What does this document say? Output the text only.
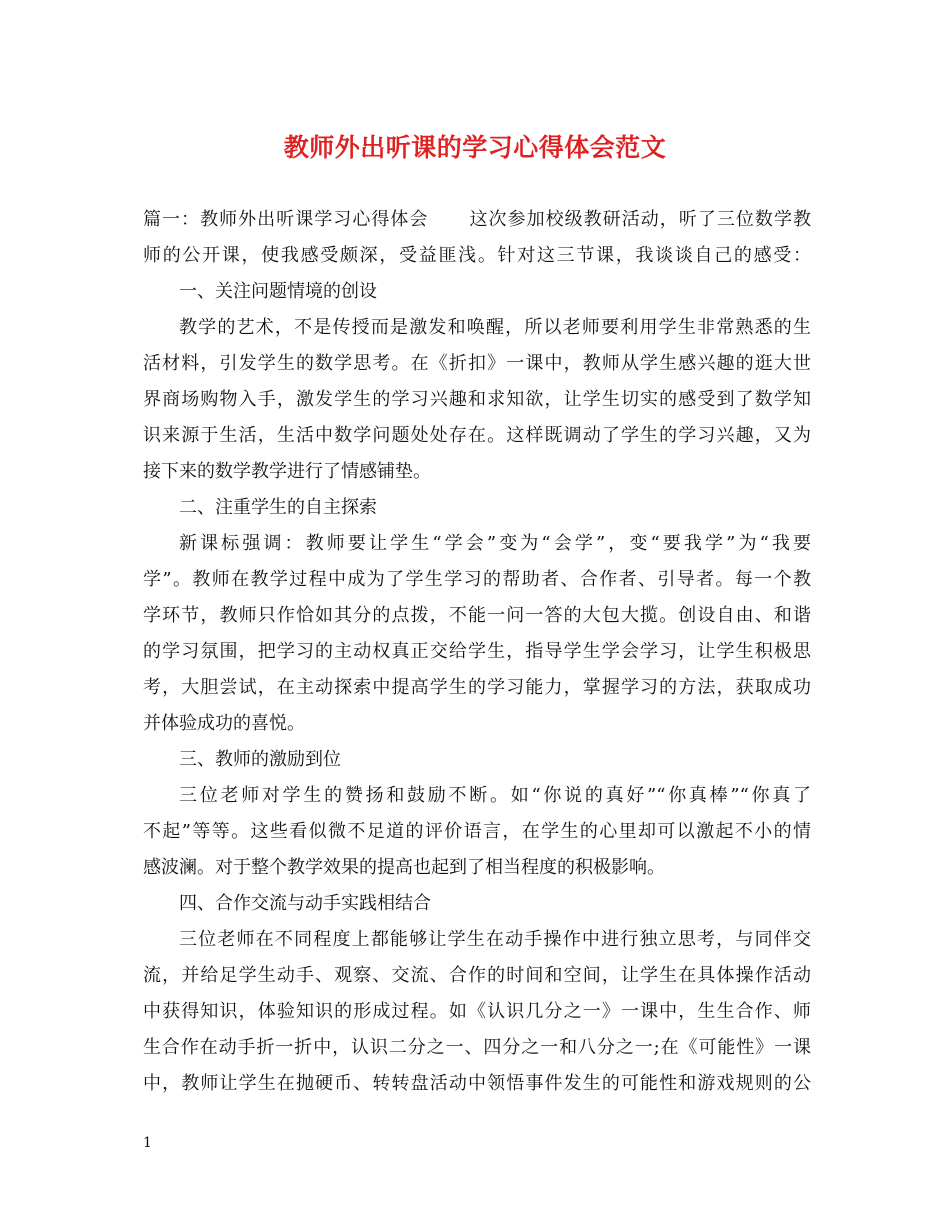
教师外出听课的学习心得体会范文
篇一：教师外出听课学习心得体会 这次参加校级教研活动，听了三位数学教
师的公开课，使我感受颇深，受益匪浅。针对这三节课，我谈谈自己的感受：
一、关注问题情境的创设
教学的艺术，不是传授而是激发和唤醒，所以老师要利用学生非常熟悉的生
活材料，引发学生的数学思考。在《折扣》一课中，教师从学生感兴趣的逛大世
界商场购物入手，激发学生的学习兴趣和求知欲，让学生切实的感受到了数学知
识来源于生活，生活中数学问题处处存在。这样既调动了学生的学习兴趣，又为
接下来的数学教学进行了情感铺垫。
二、注重学生的自主探索
新课标强调：教师要让学生“学会”变为“会学”，变“要我学”为“我要
学”。教师在教学过程中成为了学生学习的帮助者、合作者、引导者。每一个教
学环节，教师只作恰如其分的点拨，不能一问一答的大包大揽。创设自由、和谐
的学习氛围，把学习的主动权真正交给学生，指导学生学会学习，让学生积极思
考，大胆尝试，在主动探索中提高学生的学习能力，掌握学习的方法，获取成功
并体验成功的喜悦。
三、教师的激励到位
三位老师对学生的赞扬和鼓励不断。如“你说的真好”“你真棒”“你真了
不起”等等。这些看似微不足道的评价语言，在学生的心里却可以激起不小的情
感波澜。对于整个教学效果的提高也起到了相当程度的积极影响。
四、合作交流与动手实践相结合
三位老师在不同程度上都能够让学生在动手操作中进行独立思考，与同伴交
流，并给足学生动手、观察、交流、合作的时间和空间，让学生在具体操作活动
中获得知识，体验知识的形成过程。如《认识几分之一》一课中，生生合作、师
生合作在动手折一折中，认识二分之一、四分之一和八分之一;在《可能性》一课
中，教师让学生在抛硬币、转转盘活动中领悟事件发生的可能性和游戏规则的公
1
